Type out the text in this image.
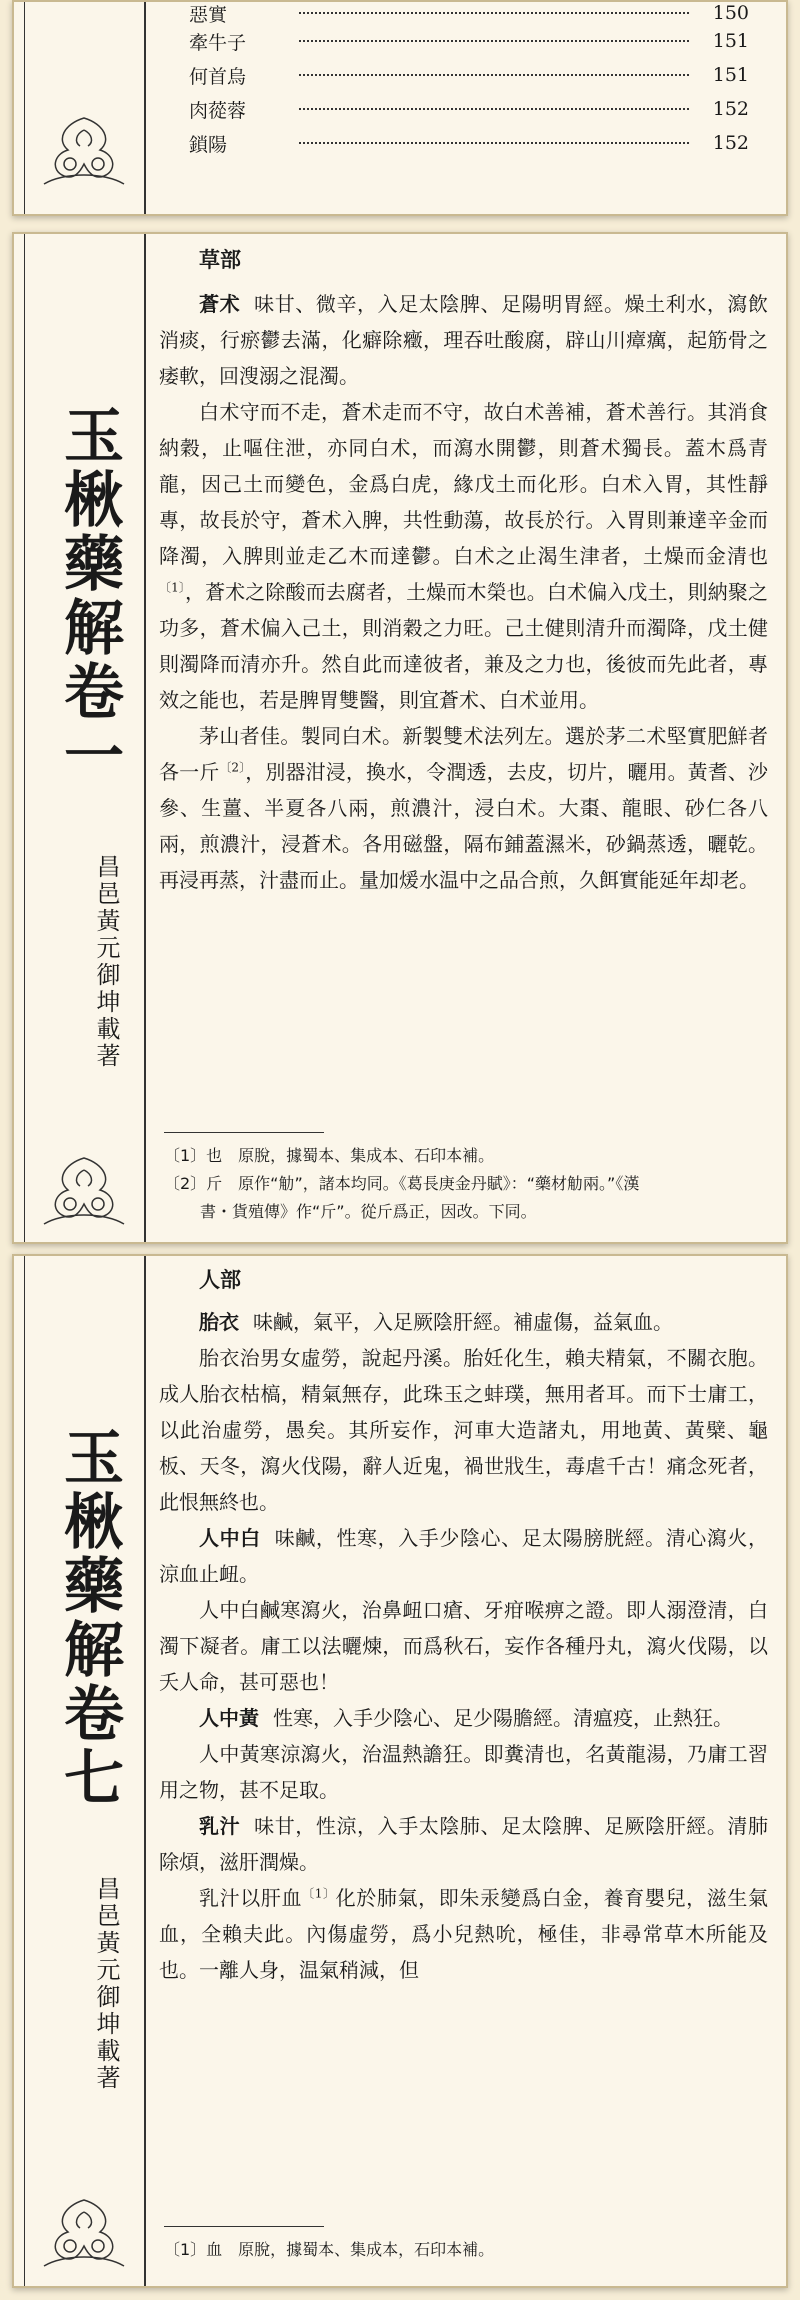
惡實	150
牽牛子	151
何首烏	151
肉蓯蓉	152
鎖陽	152
玉楸藥解卷一
昌邑黃元御坤載著

草部

蒼术 味甘、微辛，入足太陰脾、足陽明胃經。燥土利水，瀉飲消痰，行瘀鬱去滿，化癖除癥，理吞吐酸腐，辟山川瘴癘，起筋骨之痿軟，回溲溺之混濁。

白术守而不走，蒼术走而不守，故白术善補，蒼术善行。其消食納穀，止嘔住泄，亦同白术，而瀉水開鬱，則蒼术獨長。蓋木爲青龍，因己土而變色，金爲白虎，緣戊土而化形。白术入胃，其性靜專，故長於守，蒼术入脾，共性動蕩，故長於行。入胃則兼達辛金而降濁，入脾則並走乙木而達鬱。白术之止渴生津者，土燥而金清也$^{〔1〕}$，蒼术之除酸而去腐者，土燥而木榮也。白术偏入戊土，則納聚之功多，蒼术偏入己土，則消穀之力旺。己土健則清升而濁降，戊土健則濁降而清亦升。然自此而達彼者，兼及之力也，後彼而先此者，專效之能也，若是脾胃雙醫，則宜蒼术、白术並用。

茅山者佳。製同白术。新製雙术法列左。選於茅二术堅實肥鮮者各一斤$^{〔2〕}$，別器泔浸，換水，令潤透，去皮，切片，曬用。黃耆、沙參、生薑、半夏各八兩，煎濃汁，浸白术。大棗、龍眼、砂仁各八兩，煎濃汁，浸蒼术。各用磁盤，隔布鋪蓋濕米，砂鍋蒸透，曬乾。再浸再蒸，汁盡而止。量加煖水温中之品合煎，久餌實能延年却老。

〔1〕也　原脫，據蜀本、集成本、石印本補。

〔2〕斤　原作“觔”，諸本均同。《葛長庚金丹賦》：“藥材觔兩。”《漢

書・貨殖傳》作“斤”。從斤爲正，因改。下同。

玉楸藥解卷七
昌邑黃元御坤載著

人部

胎衣 味鹹，氣平，入足厥陰肝經。補虛傷，益氣血。

胎衣治男女虛勞，說起丹溪。胎妊化生，賴夫精氣，不關衣胞。成人胎衣枯槁，精氣無存，此珠玉之蚌璞，無用者耳。而下士庸工，以此治虛勞，愚矣。其所妄作，河車大造諸丸，用地黃、黃檗、龜板、天冬，瀉火伐陽，辭人近鬼，禍世戕生，毒虐千古！痛念死者，此恨無終也。

人中白 味鹹，性寒，入手少陰心、足太陽膀胱經。清心瀉火，涼血止衄。

人中白鹹寒瀉火，治鼻衄口瘡、牙疳喉痹之證。即人溺澄清，白濁下凝者。庸工以法曬煉，而爲秋石，妄作各種丹丸，瀉火伐陽，以夭人命，甚可惡也！

人中黃 性寒，入手少陰心、足少陽膽經。清瘟疫，止熱狂。

人中黃寒涼瀉火，治温熱譫狂。即糞清也，名黃龍湯，乃庸工習用之物，甚不足取。

乳汁 味甘，性涼，入手太陰肺、足太陰脾、足厥陰肝經。清肺除煩，滋肝潤燥。

乳汁以肝血$^{〔1〕}$化於肺氣，即朱汞變爲白金，養育嬰兒，滋生氣血，全賴夫此。內傷虛勞，爲小兒熱吮，極佳，非尋常草木所能及也。一離人身，温氣稍減，但

〔1〕血　原脫，據蜀本、集成本，石印本補。
